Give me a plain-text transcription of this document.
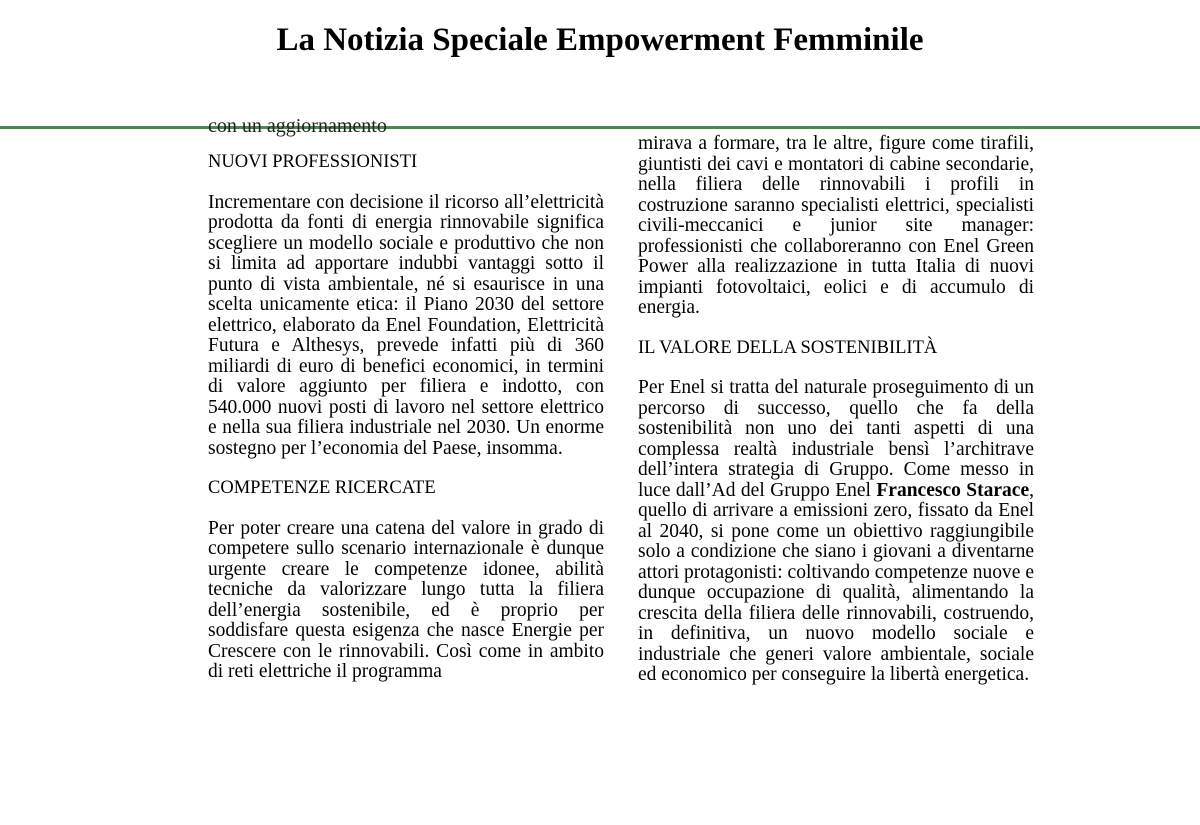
La Notizia Speciale Empowerment Femminile
con un aggiornamento
NUOVI PROFESSIONISTI

Incrementare con decisione il ricorso all’elettricità prodotta da fonti di energia rinnovabile significa scegliere un modello sociale e produttivo che non si limita ad apportare indubbi vantaggi sotto il punto di vista ambientale, né si esaurisce in una scelta unicamente etica: il Piano 2030 del settore elettrico, elaborato da Enel Foundation, Elettricità Futura e Althesys, prevede infatti più di 360 miliardi di euro di benefici economici, in termini di valore aggiunto per filiera e indotto, con 540.000 nuovi posti di lavoro nel settore elettrico e nella sua filiera industriale nel 2030. Un enorme sostegno per l’economia del Paese, insomma.

COMPETENZE RICERCATE

Per poter creare una catena del valore in grado di competere sullo scenario internazionale è dunque urgente creare le competenze idonee, abilità tecniche da valorizzare lungo tutta la filiera dell’energia sostenibile, ed è proprio per soddisfare questa esigenza che nasce Energie per Crescere con le rinnovabili. Così come in ambito di reti elettriche il programma

mirava a formare, tra le altre, figure come tirafili, giuntisti dei cavi e montatori di cabine secondarie, nella filiera delle rinnovabili i profili in costruzione saranno specialisti elettrici, specialisti civili-meccanici e junior site manager: professionisti che collaboreranno con Enel Green Power alla realizzazione in tutta Italia di nuovi impianti fotovoltaici, eolici e di accumulo di energia.

IL VALORE DELLA SOSTENIBILITÀ

Per Enel si tratta del naturale proseguimento di un percorso di successo, quello che fa della sostenibilità non uno dei tanti aspetti di una complessa realtà industriale bensì l’architrave dell’intera strategia di Gruppo. Come messo in luce dall’Ad del Gruppo Enel Francesco Starace, quello di arrivare a emissioni zero, fissato da Enel al 2040, si pone come un obiettivo raggiungibile solo a condizione che siano i giovani a diventarne attori protagonisti: coltivando competenze nuove e dunque occupazione di qualità, alimentando la crescita della filiera delle rinnovabili, costruendo, in definitiva, un nuovo modello sociale e industriale che generi valore ambientale, sociale ed economico per conseguire la libertà energetica.
